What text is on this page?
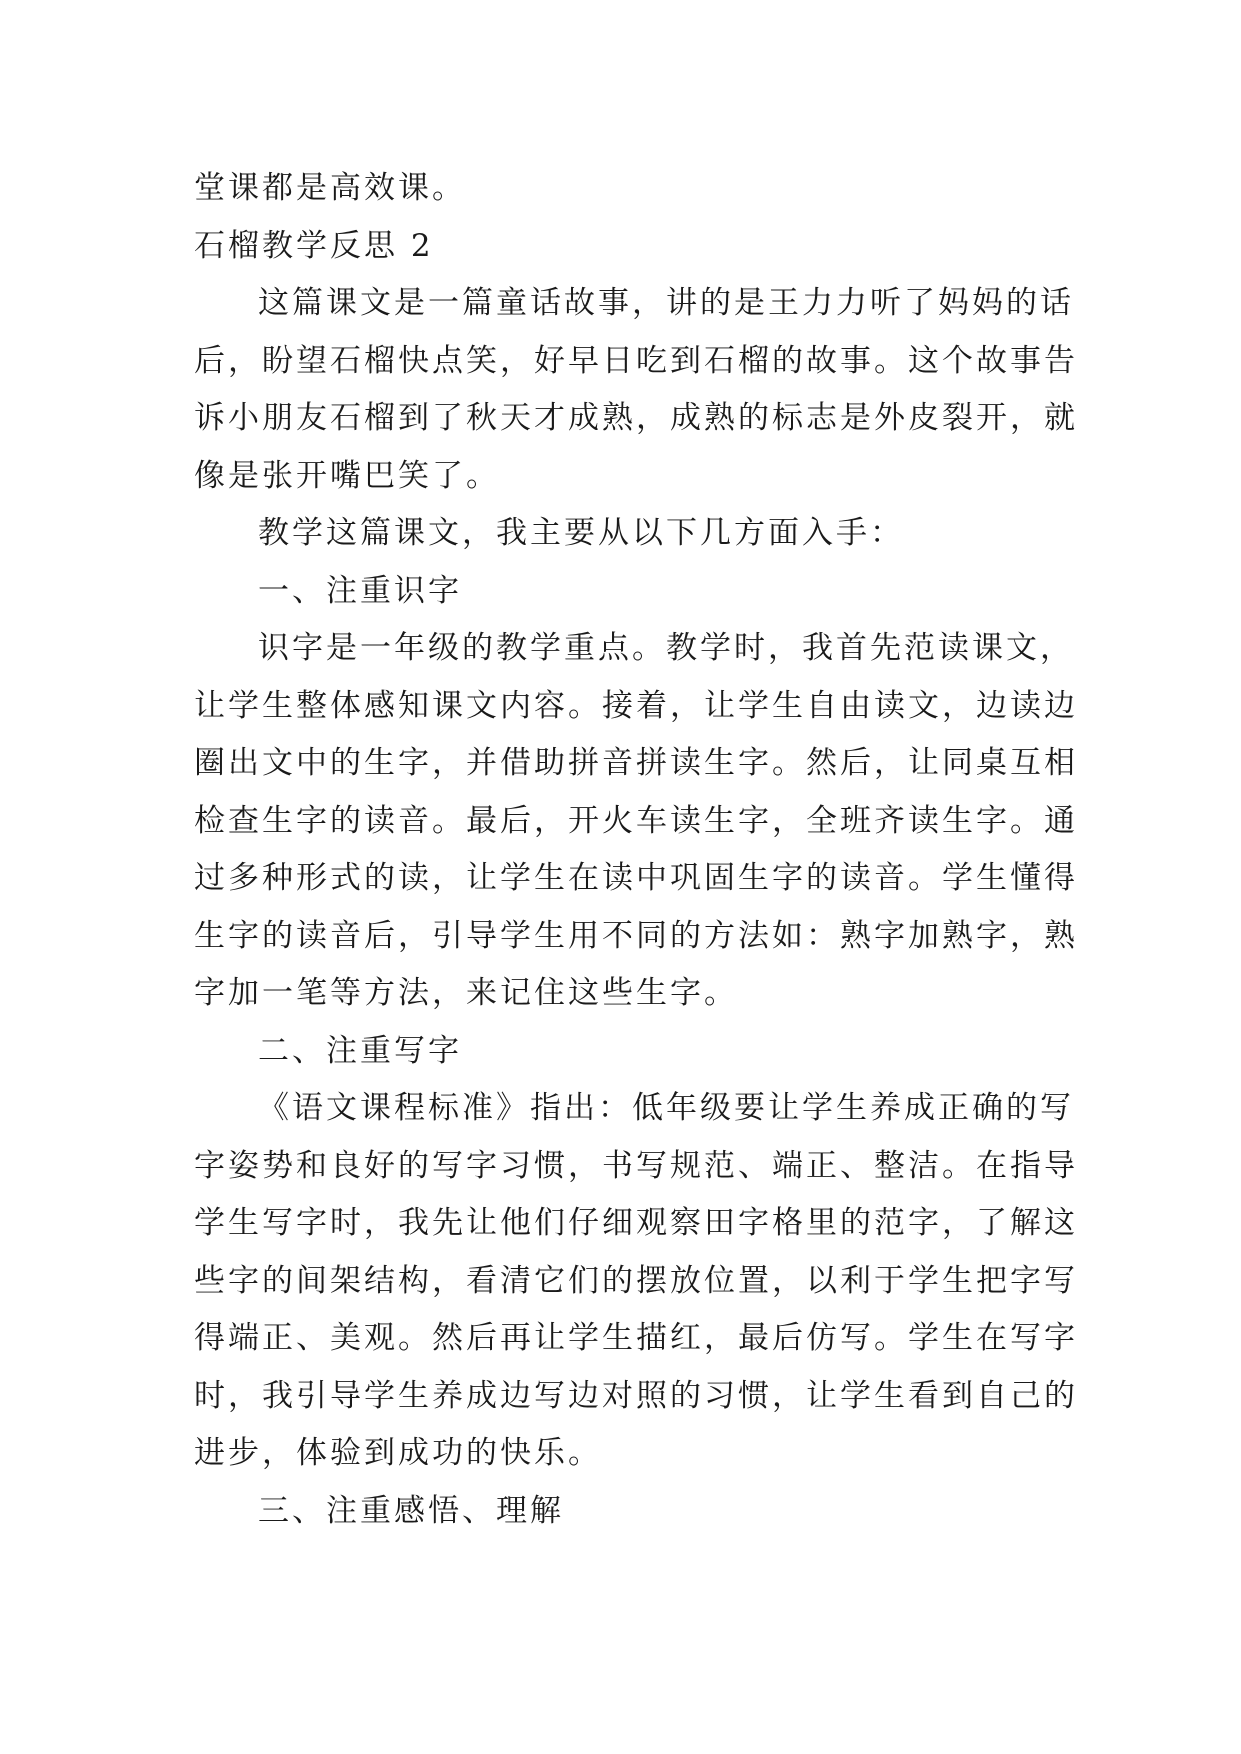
堂课都是高效课。
石榴教学反思 2
这篇课文是一篇童话故事，讲的是王力力听了妈妈的话
后，盼望石榴快点笑，好早日吃到石榴的故事。这个故事告
诉小朋友石榴到了秋天才成熟，成熟的标志是外皮裂开，就
像是张开嘴巴笑了。
教学这篇课文，我主要从以下几方面入手：
一、注重识字
识字是一年级的教学重点。教学时，我首先范读课文，
让学生整体感知课文内容。接着，让学生自由读文，边读边
圈出文中的生字，并借助拼音拼读生字。然后，让同桌互相
检查生字的读音。最后，开火车读生字，全班齐读生字。通
过多种形式的读，让学生在读中巩固生字的读音。学生懂得
生字的读音后，引导学生用不同的方法如：熟字加熟字，熟
字加一笔等方法，来记住这些生字。
二、注重写字
《语文课程标准》指出：低年级要让学生养成正确的写
字姿势和良好的写字习惯，书写规范、端正、整洁。在指导
学生写字时，我先让他们仔细观察田字格里的范字，了解这
些字的间架结构，看清它们的摆放位置，以利于学生把字写
得端正、美观。然后再让学生描红，最后仿写。学生在写字
时，我引导学生养成边写边对照的习惯，让学生看到自己的
进步，体验到成功的快乐。
三、注重感悟、理解
